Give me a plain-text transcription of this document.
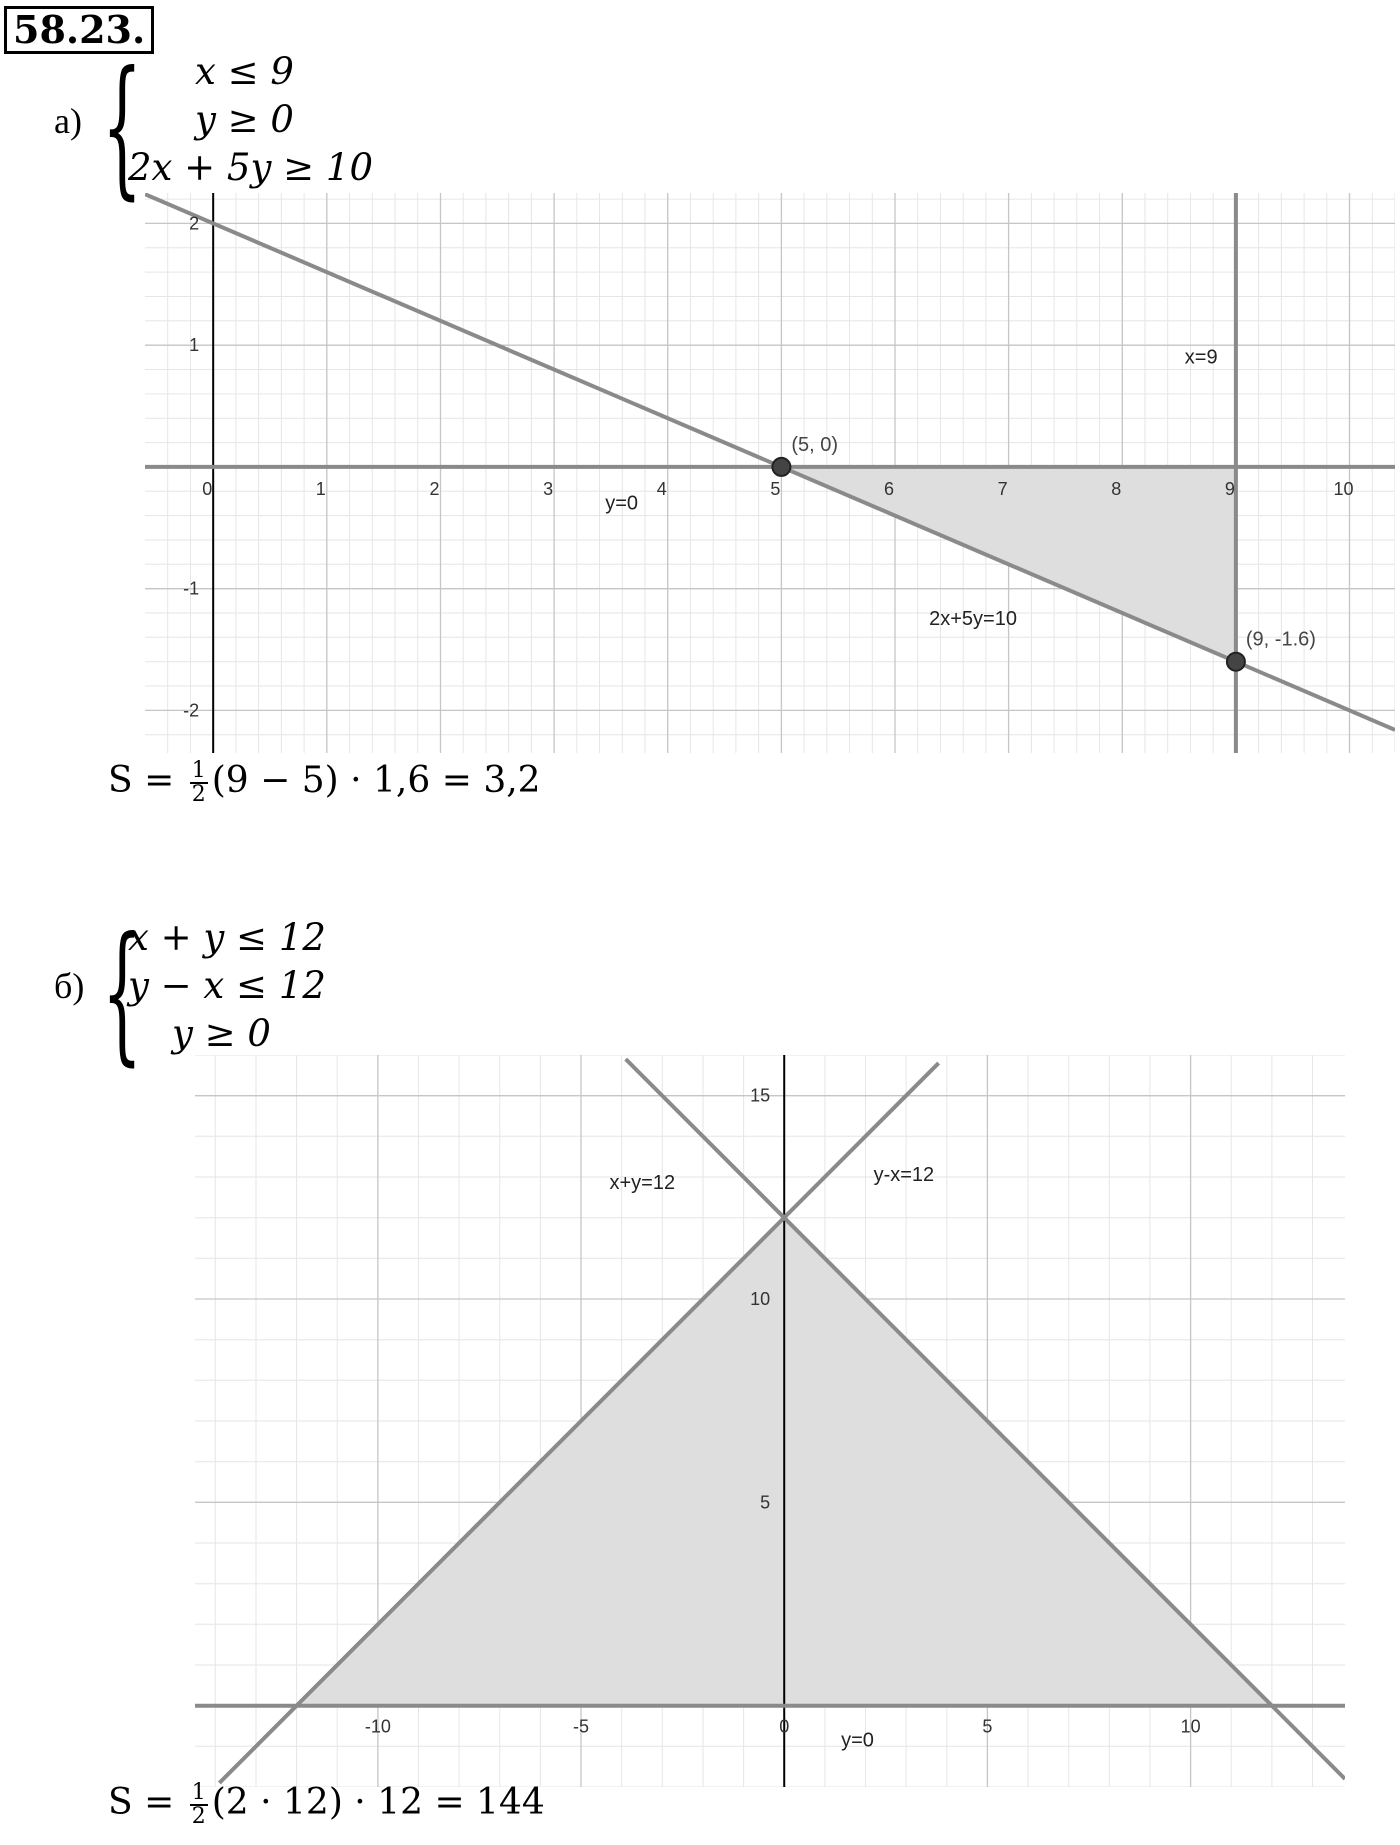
58.23.
а) { x ≤ 9
y ≥ 0
2x + 5y ≥ 10
0	1	2	3	4	5	6	7	8	9	10
2
1
-1
-2
(5, 0)
(9, -1.6)
x=9
y=0
2x+5y=10
$S = \frac{1}{2} (9 - 5) \cdot 1,6 = 3,2$
б) {
x + y ≤ 12
y − x ≤ 12
y ≥ 0
-10	-5	0	5	10
15
10
5
x+y=12	y-x=12
y=0
$S = \frac{1}{2} (2 \cdot 12) \cdot 12 = 144$
